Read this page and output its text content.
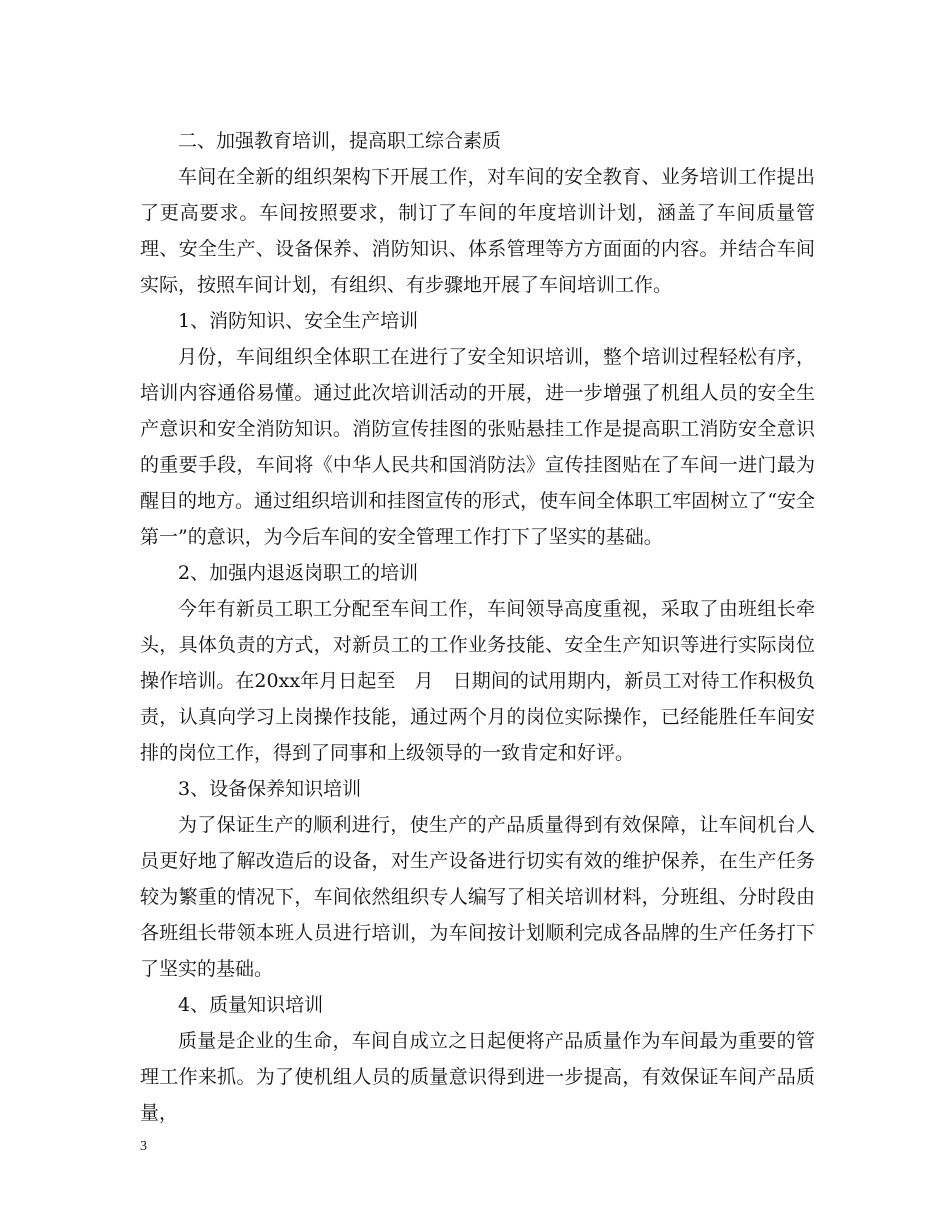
二、加强教育培训，提高职工综合素质

车间在全新的组织架构下开展工作，对车间的安全教育、业务培训工作提出了更高要求。车间按照要求，制订了车间的年度培训计划，涵盖了车间质量管理、安全生产、设备保养、消防知识、体系管理等方方面面的内容。并结合车间实际，按照车间计划，有组织、有步骤地开展了车间培训工作。

1、消防知识、安全生产培训

月份，车间组织全体职工在进行了安全知识培训，整个培训过程轻松有序，培训内容通俗易懂。通过此次培训活动的开展，进一步增强了机组人员的安全生产意识和安全消防知识。消防宣传挂图的张贴悬挂工作是提高职工消防安全意识的重要手段，车间将《中华人民共和国消防法》宣传挂图贴在了车间一进门最为醒目的地方。通过组织培训和挂图宣传的形式，使车间全体职工牢固树立了“安全第一”的意识，为今后车间的安全管理工作打下了坚实的基础。

2、加强内退返岗职工的培训

今年有新员工职工分配至车间工作，车间领导高度重视，采取了由班组长牵头，具体负责的方式，对新员工的工作业务技能、安全生产知识等进行实际岗位操作培训。在20xx年月日起至　月　日期间的试用期内，新员工对待工作积极负责，认真向学习上岗操作技能，通过两个月的岗位实际操作，已经能胜任车间安排的岗位工作，得到了同事和上级领导的一致肯定和好评。

3、设备保养知识培训

为了保证生产的顺利进行，使生产的产品质量得到有效保障，让车间机台人员更好地了解改造后的设备，对生产设备进行切实有效的维护保养，在生产任务较为繁重的情况下，车间依然组织专人编写了相关培训材料，分班组、分时段由各班组长带领本班人员进行培训，为车间按计划顺利完成各品牌的生产任务打下了坚实的基础。

4、质量知识培训

质量是企业的生命，车间自成立之日起便将产品质量作为车间最为重要的管理工作来抓。为了使机组人员的质量意识得到进一步提高，有效保证车间产品质量，

3
